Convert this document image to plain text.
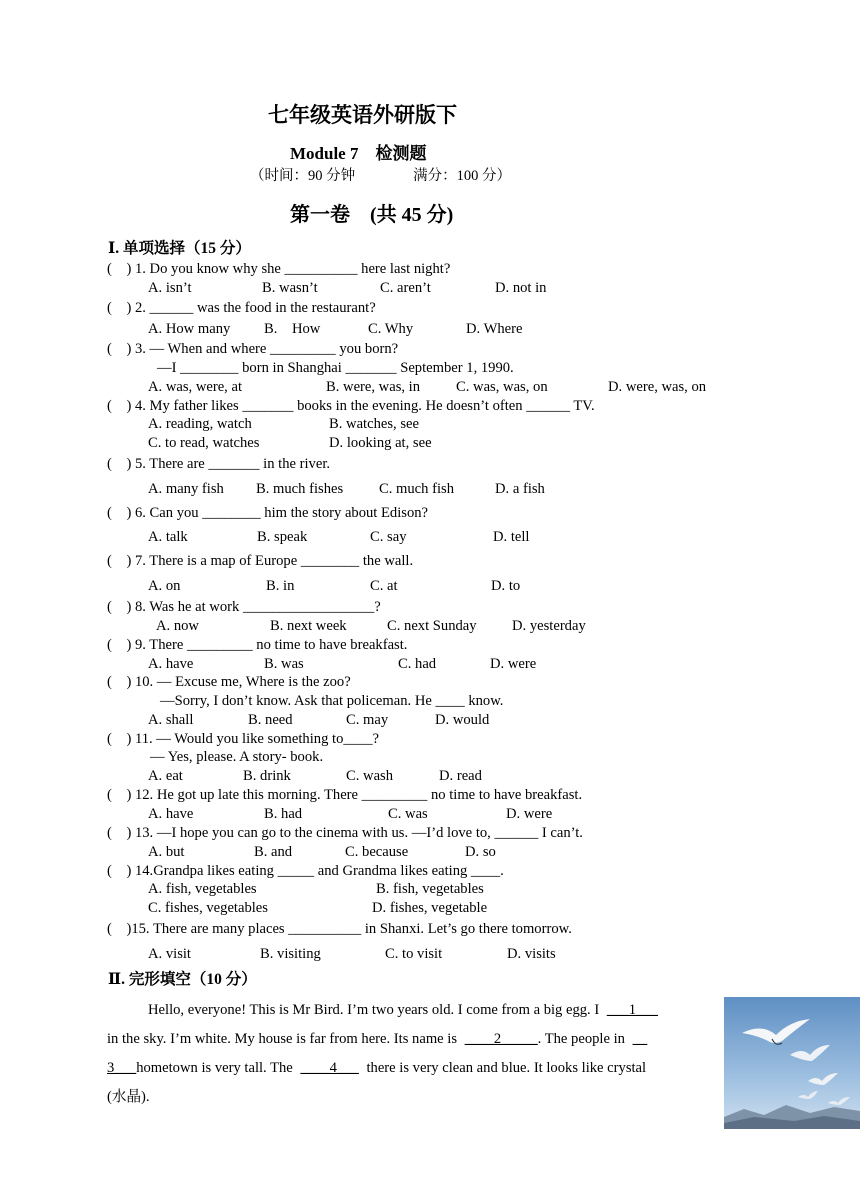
七年级英语外研版下
Module 7　检测题
（时间：90 分钟　　　　满分：100 分）
第一卷　(共 45 分)
Ⅰ. 单项选择（15 分）
(　) 1. Do you know why she __________ here last night?
A. isn’t	B. wasn’t	C. aren’t	D. not in
(　) 2. ______ was the food in the restaurant?
A. How many B.　How	C. Why	D. Where
(　) 3. — When and where _________ you born?
—I ________ born in Shanghai _______ September 1, 1990.
A. was, were, at	B. were, was, in C. was, was, on	D. were, was, on
(　) 4. My father likes _______ books in the evening. He doesn’t often ______ TV.
A. reading, watch	B. watches, see
C. to read, watches	D. looking at, see
(　) 5. There are _______ in the river.
A. many fish B. much fishes C. much fish	D. a fish
(　) 6. Can you ________ him the story about Edison?
A. talk	B. speak	C. say	D. tell
(　) 7. There is a map of Europe ________ the wall.
A. on	B. in	C. at	D. to
(　) 8. Was he at work __________________?
A. now	B. next week	C. next Sunday D. yesterday
(　) 9. There _________ no time to have breakfast.
A. have	B. was	C. had	D. were
(　) 10. — Excuse me, Where is the zoo?
—Sorry, I don’t know. Ask that policeman. He ____ know.
A. shall	B. need	C. may	D. would
(　) 11. — Would you like something to____?
— Yes, please. A story- book.
A. eat	B. drink	C. wash	D. read
(　) 12. He got up late this morning. There _________ no time to have breakfast.
A. have	B. had	C. was	D. were
(　) 13. —I hope you can go to the cinema with us. —I’d love to, ______ I can’t.
A. but	B. and	C. because	D. so
(　) 14.Grandpa likes eating _____ and Grandma likes eating ____.
A. fish, vegetables	B. fish, vegetables
C. fishes, vegetables	D. fishes, vegetable
(　)15. There are many places __________ in Shanxi. Let’s go there tomorrow.
A. visit	B. visiting	C. to visit	D. visits
Ⅱ. 完形填空（10 分）
Hello, everyone! This is Mr Bird. I’m two years old. I come from a big egg. I ___1___
in the sky. I’m white. My house is far from here. Its name is ____2_____. The people in __
3___hometown is very tall. The ____4___ there is very clean and blue. It looks like crystal
(水晶).
